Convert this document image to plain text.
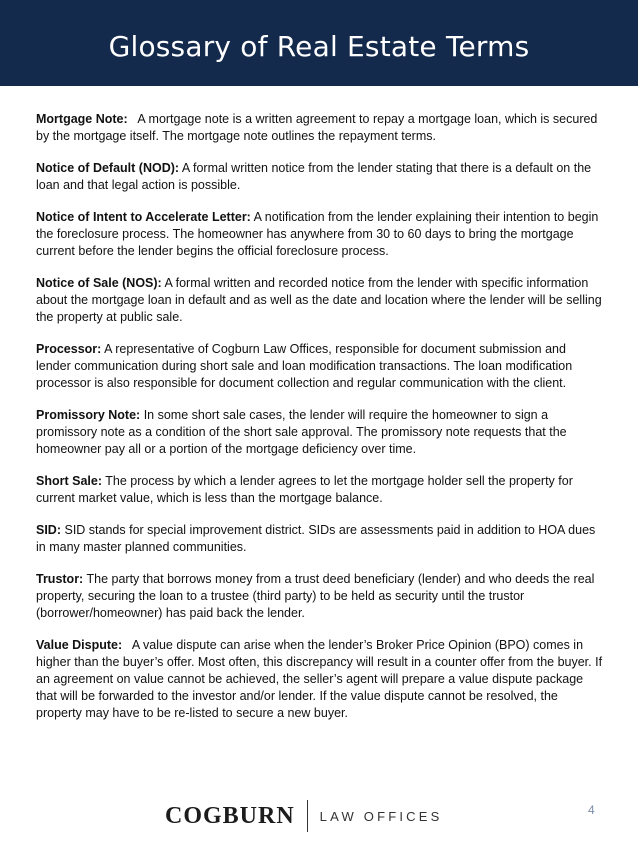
Glossary of Real Estate Terms

Mortgage Note: A mortgage note is a written agreement to repay a mortgage loan, which is secured by the mortgage itself. The mortgage note outlines the repayment terms.

Notice of Default (NOD): A formal written notice from the lender stating that there is a default on the loan and that legal action is possible.

Notice of Intent to Accelerate Letter: A notification from the lender explaining their intention to begin the foreclosure process. The homeowner has anywhere from 30 to 60 days to bring the mortgage current before the lender begins the official foreclosure process.

Notice of Sale (NOS): A formal written and recorded notice from the lender with specific information about the mortgage loan in default and as well as the date and location where the lender will be selling the property at public sale.

Processor: A representative of Cogburn Law Offices, responsible for document submission and lender communication during short sale and loan modification transactions. The loan modification processor is also responsible for document collection and regular communication with the client.

Promissory Note: In some short sale cases, the lender will require the homeowner to sign a promissory note as a condition of the short sale approval. The promissory note requests that the homeowner pay all or a portion of the mortgage deficiency over time.

Short Sale: The process by which a lender agrees to let the mortgage holder sell the property for current market value, which is less than the mortgage balance.

SID: SID stands for special improvement district. SIDs are assessments paid in addition to HOA dues in many master planned communities.

Trustor: The party that borrows money from a trust deed beneficiary (lender) and who deeds the real property, securing the loan to a trustee (third party) to be held as security until the trustor (borrower/homeowner) has paid back the lender.

Value Dispute: A value dispute can arise when the lender’s Broker Price Opinion (BPO) comes in higher than the buyer’s offer. Most often, this discrepancy will result in a counter offer from the buyer. If an agreement on value cannot be achieved, the seller’s agent will prepare a value dispute package that will be forwarded to the investor and/or lender. If the value dispute cannot be resolved, the property may have to be re-listed to secure a new buyer.

COGBURN LAW OFFICES	4
